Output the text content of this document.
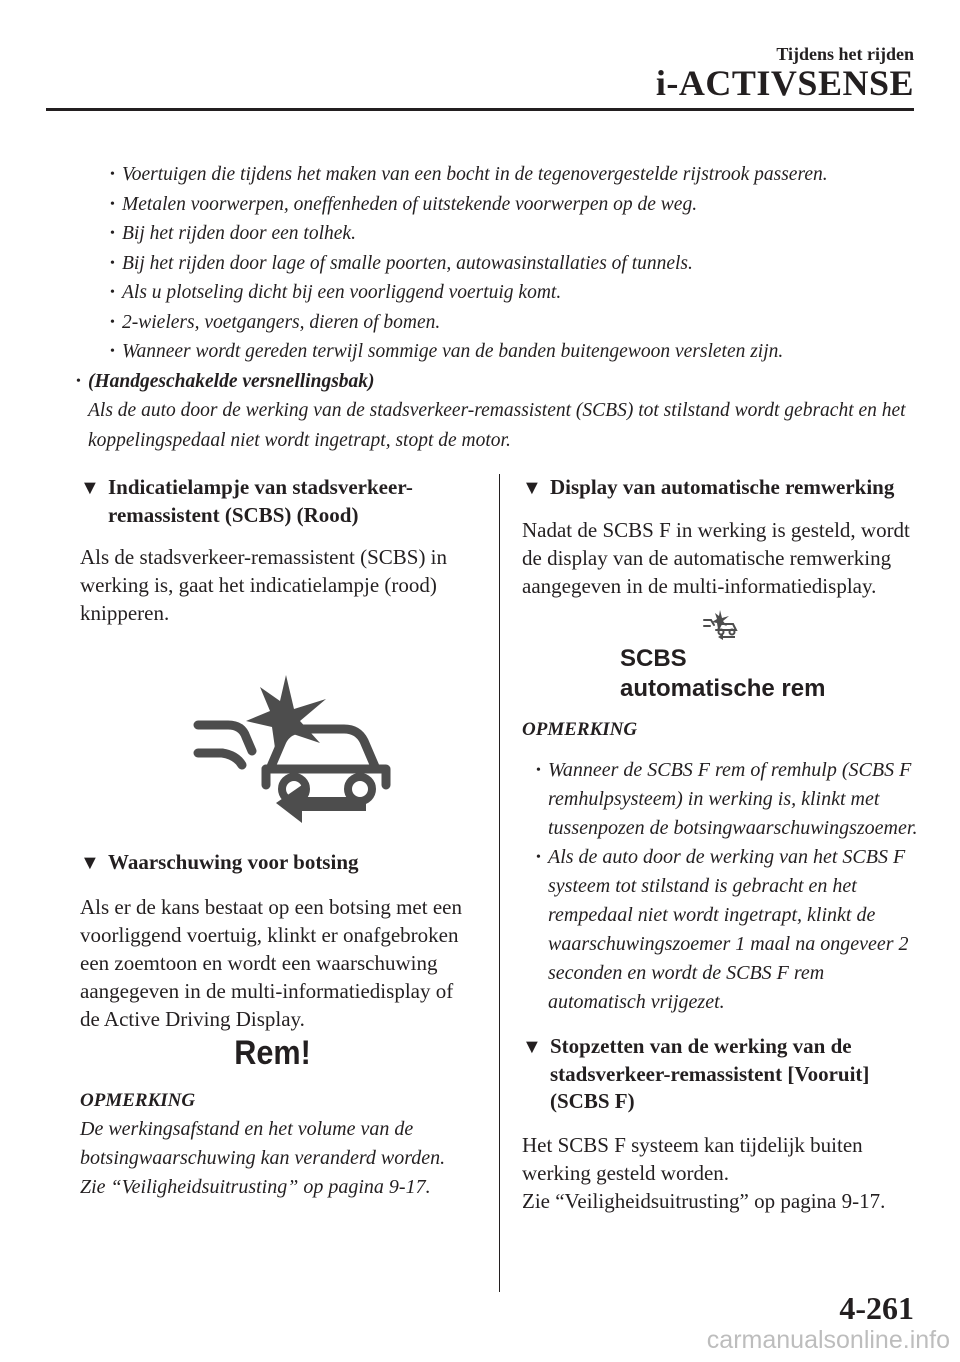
Tijdens het rijden
i-ACTIVSENSE

• Voertuigen die tijdens het maken van een bocht in de tegenovergestelde rijstrook passeren.

• Metalen voorwerpen, oneffenheden of uitstekende voorwerpen op de weg.

• Bij het rijden door een tolhek.

• Bij het rijden door lage of smalle poorten, autowasinstallaties of tunnels.

• Als u plotseling dicht bij een voorliggend voertuig komt.

• 2-wielers, voetgangers, dieren of bomen.

• Wanneer wordt gereden terwijl sommige van de banden buitengewoon versleten zijn.

• (Handgeschakelde versnellingsbak)
Als de auto door de werking van de stadsverkeer-remassistent (SCBS) tot stilstand wordt gebracht en het koppelingspedaal niet wordt ingetrapt, stopt de motor.

▼ Indicatielampje van stadsverkeer-remassistent (SCBS) (Rood)

Als de stadsverkeer-remassistent (SCBS) in werking is, gaat het indicatielampje (rood) knipperen.

▼ Waarschuwing voor botsing

Als er de kans bestaat op een botsing met een voorliggend voertuig, klinkt er onafgebroken een zoemtoon en wordt een waarschuwing aangegeven in de multi-informatiedisplay of de Active Driving Display.

Rem!

OPMERKING

De werkingsafstand en het volume van de botsingwaarschuwing kan veranderd worden. Zie “Veiligheidsuitrusting” op pagina 9-17.

▼ Display van automatische remwerking

Nadat de SCBS F in werking is gesteld, wordt de display van de automatische remwerking aangegeven in de multi-informatiedisplay.

SCBS
automatische rem

OPMERKING

• Wanneer de SCBS F rem of remhulp (SCBS F remhulpsysteem) in werking is, klinkt met tussenpozen de botsingwaarschuwingszoemer.

• Als de auto door de werking van het SCBS F systeem tot stilstand is gebracht en het rempedaal niet wordt ingetrapt, klinkt de waarschuwingszoemer 1 maal na ongeveer 2 seconden en wordt de SCBS F rem automatisch vrijgezet.

▼ Stopzetten van de werking van de stadsverkeer-remassistent [Vooruit] (SCBS F)

Het SCBS F systeem kan tijdelijk buiten werking gesteld worden.

Zie “Veiligheidsuitrusting” op pagina 9-17.

4-261
carmanualsonline.info
